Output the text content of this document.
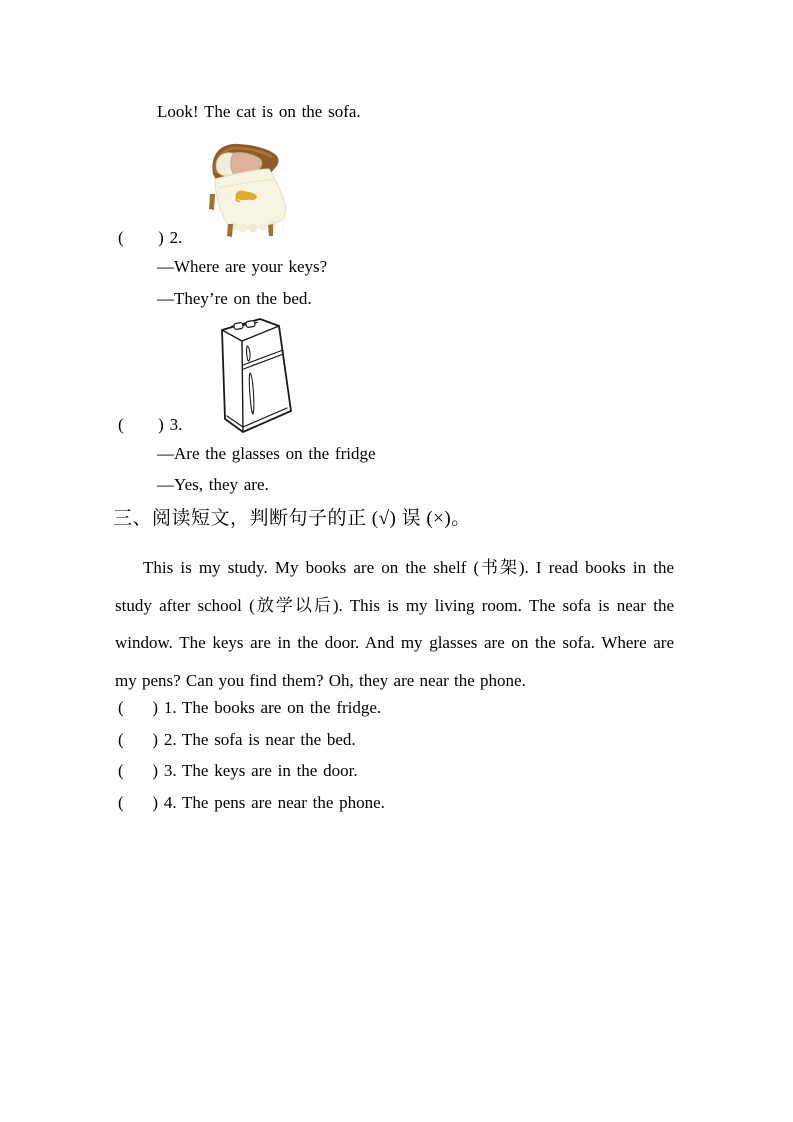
Look! The cat is on the sofa.
(      ) 2.
—Where are your keys?
—They’re on the bed.
(      ) 3.
—Are the glasses on the fridge
—Yes, they are.
三、阅读短文，判断句子的正 (√) 误 (×)。
This is my study. My books are on the shelf (书架). I read books in the study after school (放学以后). This is my living room. The sofa is near the window. The keys are in the door. And my glasses are on the sofa. Where are my pens? Can you find them? Oh, they are near the phone.
(     ) 1. The books are on the fridge.
(     ) 2. The sofa is near the bed.
(     ) 3. The keys are in the door.
(     ) 4. The pens are near the phone.
